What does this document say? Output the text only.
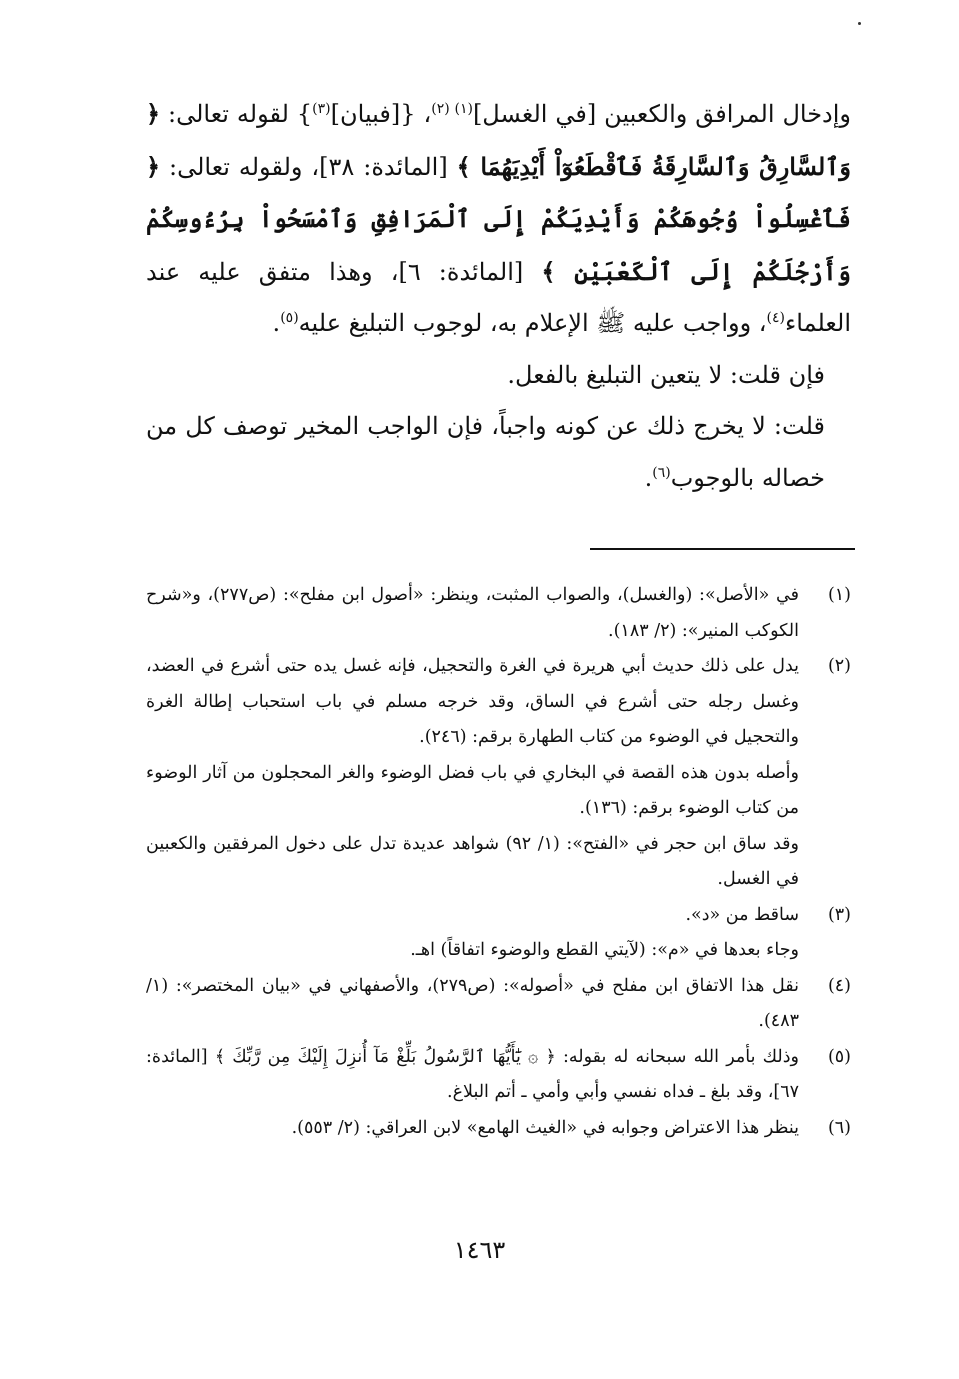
وإدخال المرافق والكعبين [في الغسل]$^{(١) (٢)}$، {[فبيان]$^{(٣)}$} لقوله تعالى: ﴿ وَٱلسَّارِقُ وَٱلسَّارِقَةُ فَٱقْطَعُوٓاْ أَيْدِيَهُمَا ﴾ [المائدة: ٣٨]، ولقوله تعالى: ﴿ فَٱغْسِلُواْ وُجُوهَكُمْ وَأَيْدِيَكُمْ إِلَى ٱلْمَرَافِقِ وَٱمْسَحُواْ بِرُءُوسِكُمْ وَأَرْجُلَكُمْ إِلَى ٱلْكَعْبَيْنِ ﴾ [المائدة: ٦]، وهذا متفق عليه عند العلماء$^{(٤)}$، وواجب عليه ﷺ الإعلام به، لوجوب التبليغ عليه$^{(٥)}$.

فإن قلت: لا يتعين التبليغ بالفعل.

قلت: لا يخرج ذلك عن كونه واجباً، فإن الواجب المخير توصف كل من خصاله بالوجوب$^{(٦)}$.

(١)

في «الأصل»: (والغسل)، والصواب المثبت، وينظر: «أصول ابن مفلح»: (ص٢٧٧)، و«شرح الكوكب المنير»: (٢/ ١٨٣).

(٢)

يدل على ذلك حديث أبي هريرة في الغرة والتحجيل، فإنه غسل يده حتى أشرع في العضد، وغسل رجله حتى أشرع في الساق، وقد خرجه مسلم في باب استحباب إطالة الغرة والتحجيل في الوضوء من كتاب الطهارة برقم: (٢٤٦).

وأصله بدون هذه القصة في البخاري في باب فضل الوضوء والغر المحجلون من آثار الوضوء من كتاب الوضوء برقم: (١٣٦).

وقد ساق ابن حجر في «الفتح»: (١/ ٩٢) شواهد عديدة تدل على دخول المرفقين والكعبين في الغسل.

(٣)

ساقط من «د».

وجاء بعدها في «م»: (لآيتي القطع والوضوء اتفاقاً) اهـ.

(٤)

نقل هذا الاتفاق ابن مفلح في «أصوله»: (ص٢٧٩)، والأصفهاني في «بيان المختصر»: (١/ ٤٨٣).

(٥)

وذلك بأمر الله سبحانه له بقوله: ﴿ ۞ يَٰٓأَيُّهَا ٱلرَّسُولُ بَلِّغْ مَآ أُنزِلَ إِلَيْكَ مِن رَّبِّكَ ﴾ [المائدة: ٦٧]، وقد بلغ ـ فداه نفسي وأبي وأمي ـ أتم البلاغ.

(٦)

ينظر هذا الاعتراض وجوابه في «الغيث الهامع» لابن العراقي: (٢/ ٥٥٣).

١٤٦٣
